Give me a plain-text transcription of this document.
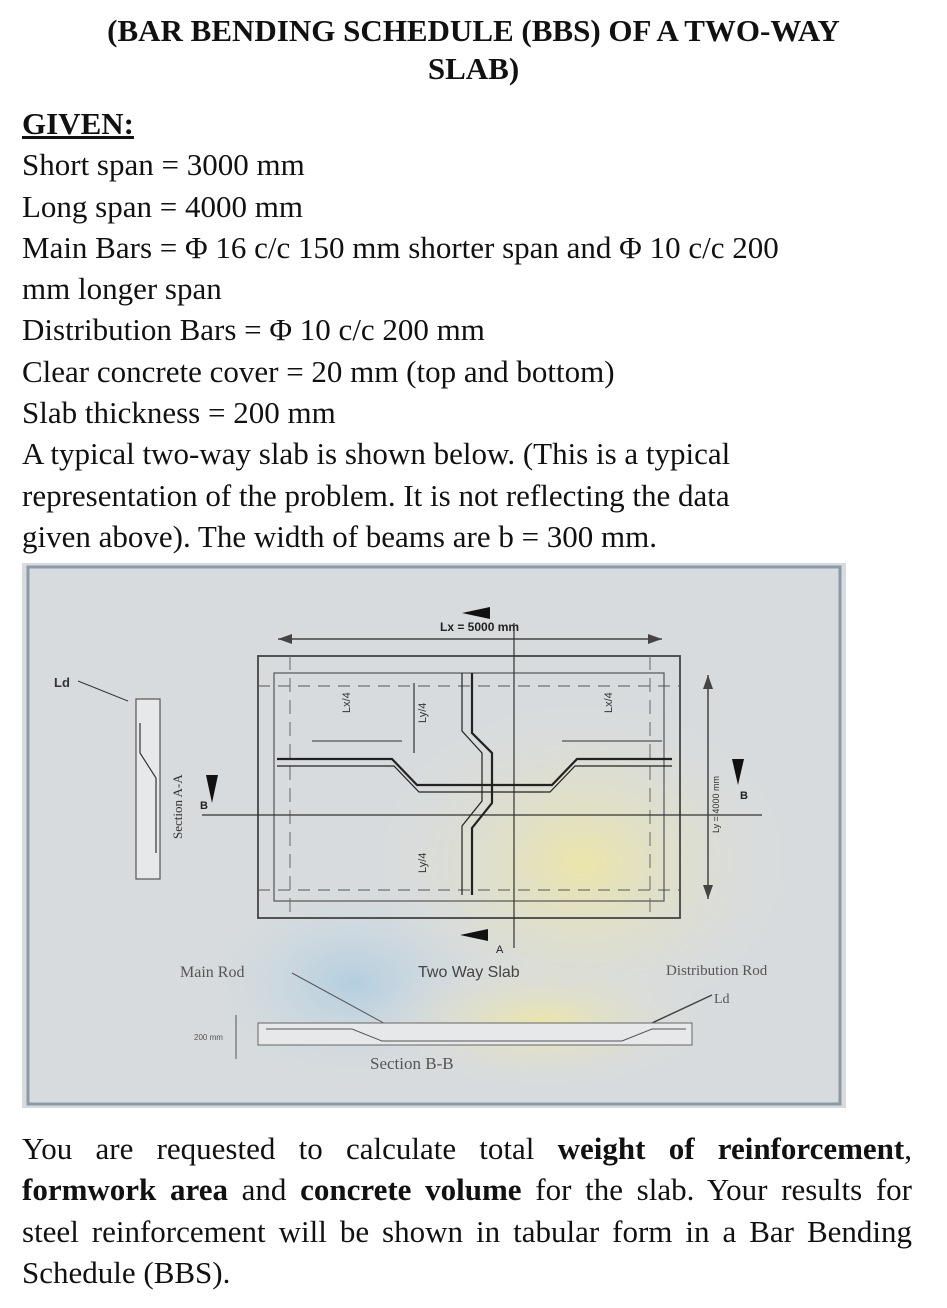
(BAR BENDING SCHEDULE (BBS) OF A TWO-WAY
SLAB)

GIVEN:

Short span = 3000 mm

Long span = 4000 mm

Main Bars = Φ 16 c/c 150 mm shorter span and Φ 10 c/c 200

mm longer span

Distribution Bars = Φ 10 c/c 200 mm

Clear concrete cover = 20 mm (top and bottom)

Slab thickness = 200 mm

A typical two-way slab is shown below. (This is a typical

representation of the problem. It is not reflecting the data

given above). The width of beams are b = 300 mm.

Lx = 5000 mm
Lx/4	Lx/4
Ly/4
Ly/4
Ly = 4000 mm
B
B
A
Ld
Section A-A
Main Rod	Two Way Slab	Distribution Rod
Ld
200 mm
Section B-B
You are requested to calculate total weight of reinforcement, formwork area and concrete volume for the slab. Your results for steel reinforcement will be shown in tabular form in a Bar Bending Schedule (BBS).
